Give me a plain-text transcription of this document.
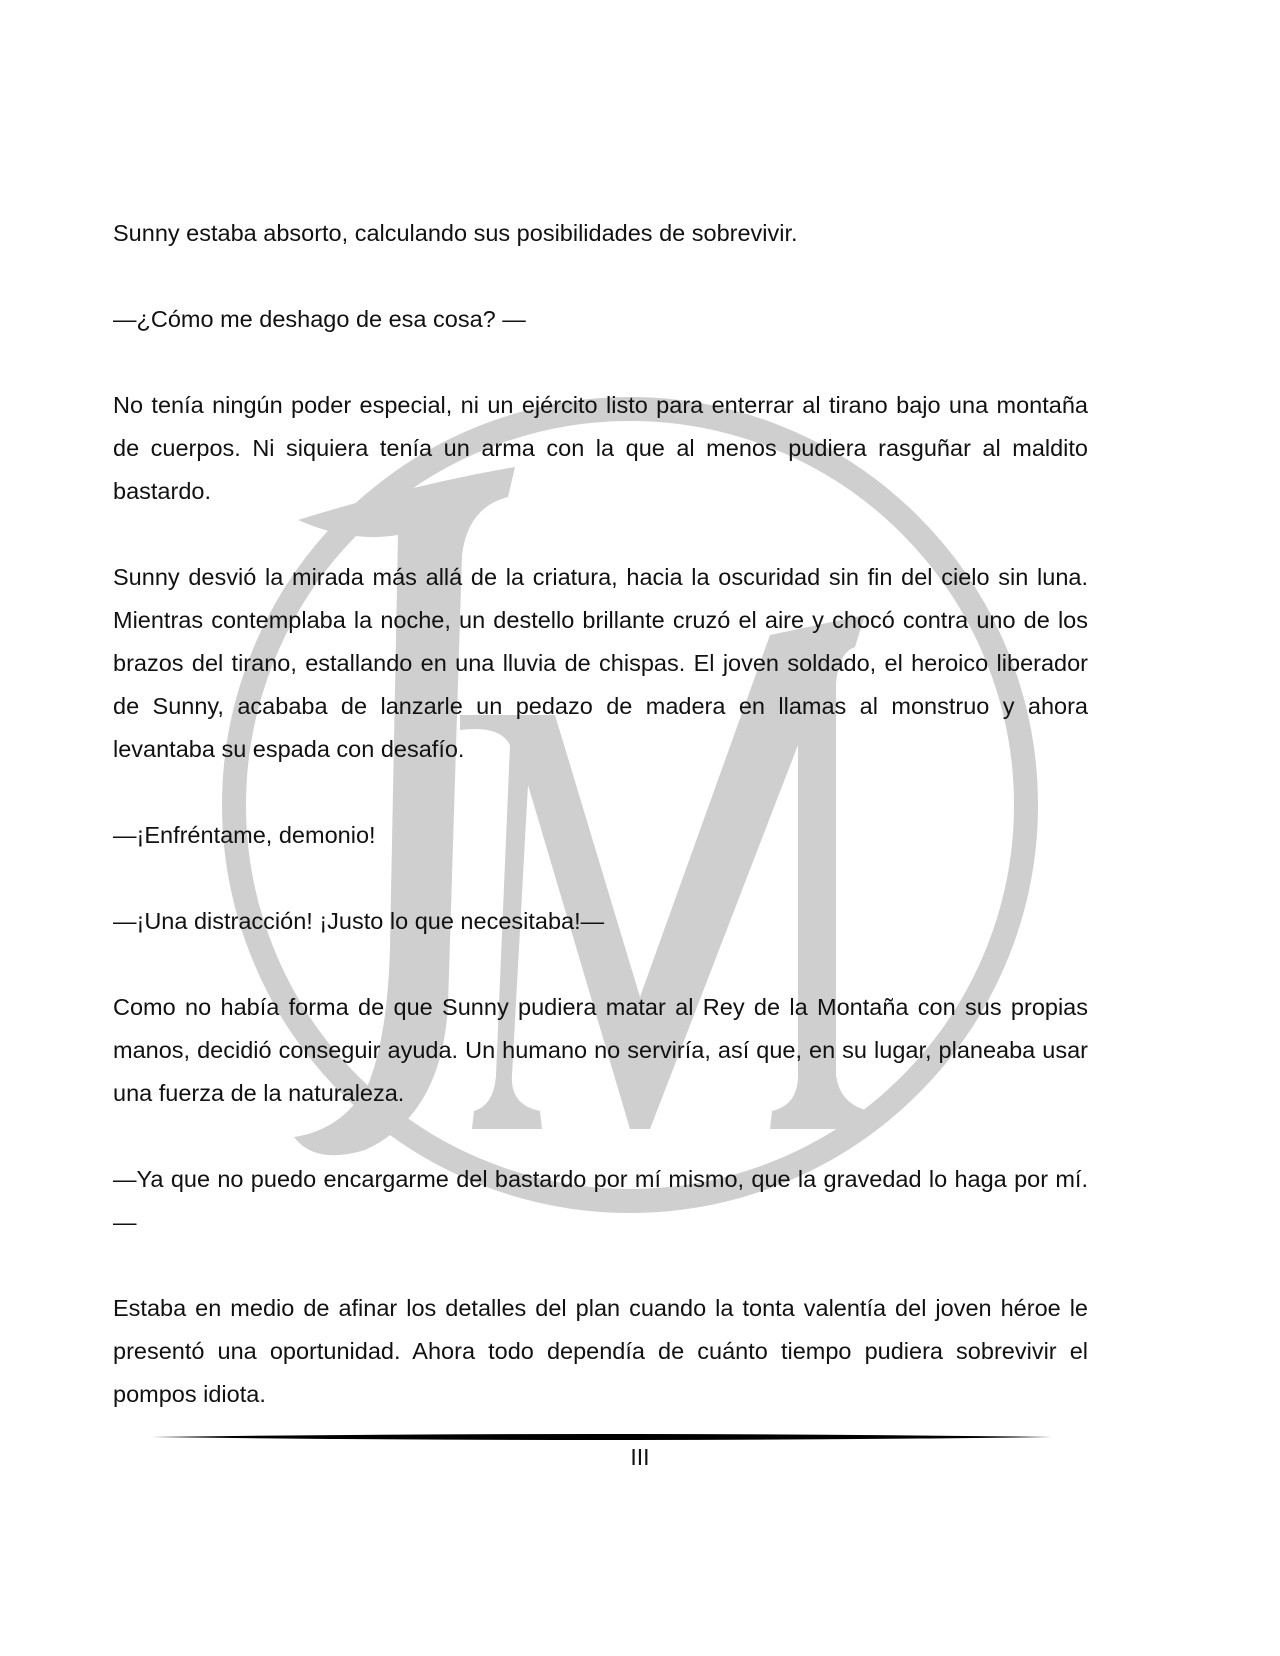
Sunny estaba absorto, calculando sus posibilidades de sobrevivir.

—¿Cómo me deshago de esa cosa? —

No tenía ningún poder especial, ni un ejército listo para enterrar al tirano bajo una montaña de cuerpos. Ni siquiera tenía un arma con la que al menos pudiera rasguñar al maldito bastardo.

Sunny desvió la mirada más allá de la criatura, hacia la oscuridad sin fin del cielo sin luna. Mientras contemplaba la noche, un destello brillante cruzó el aire y chocó contra uno de los brazos del tirano, estallando en una lluvia de chispas. El joven soldado, el heroico liberador de Sunny, acababa de lanzarle un pedazo de madera en llamas al monstruo y ahora levantaba su espada con desafío.

—¡Enfréntame, demonio!

—¡Una distracción! ¡Justo lo que necesitaba!—

Como no había forma de que Sunny pudiera matar al Rey de la Montaña con sus propias manos, decidió conseguir ayuda. Un humano no serviría, así que, en su lugar, planeaba usar una fuerza de la naturaleza.

—Ya que no puedo encargarme del bastardo por mí mismo, que la gravedad lo haga por mí.—

Estaba en medio de afinar los detalles del plan cuando la tonta valentía del joven héroe le presentó una oportunidad. Ahora todo dependía de cuánto tiempo pudiera sobrevivir el pompos idiota.

III
